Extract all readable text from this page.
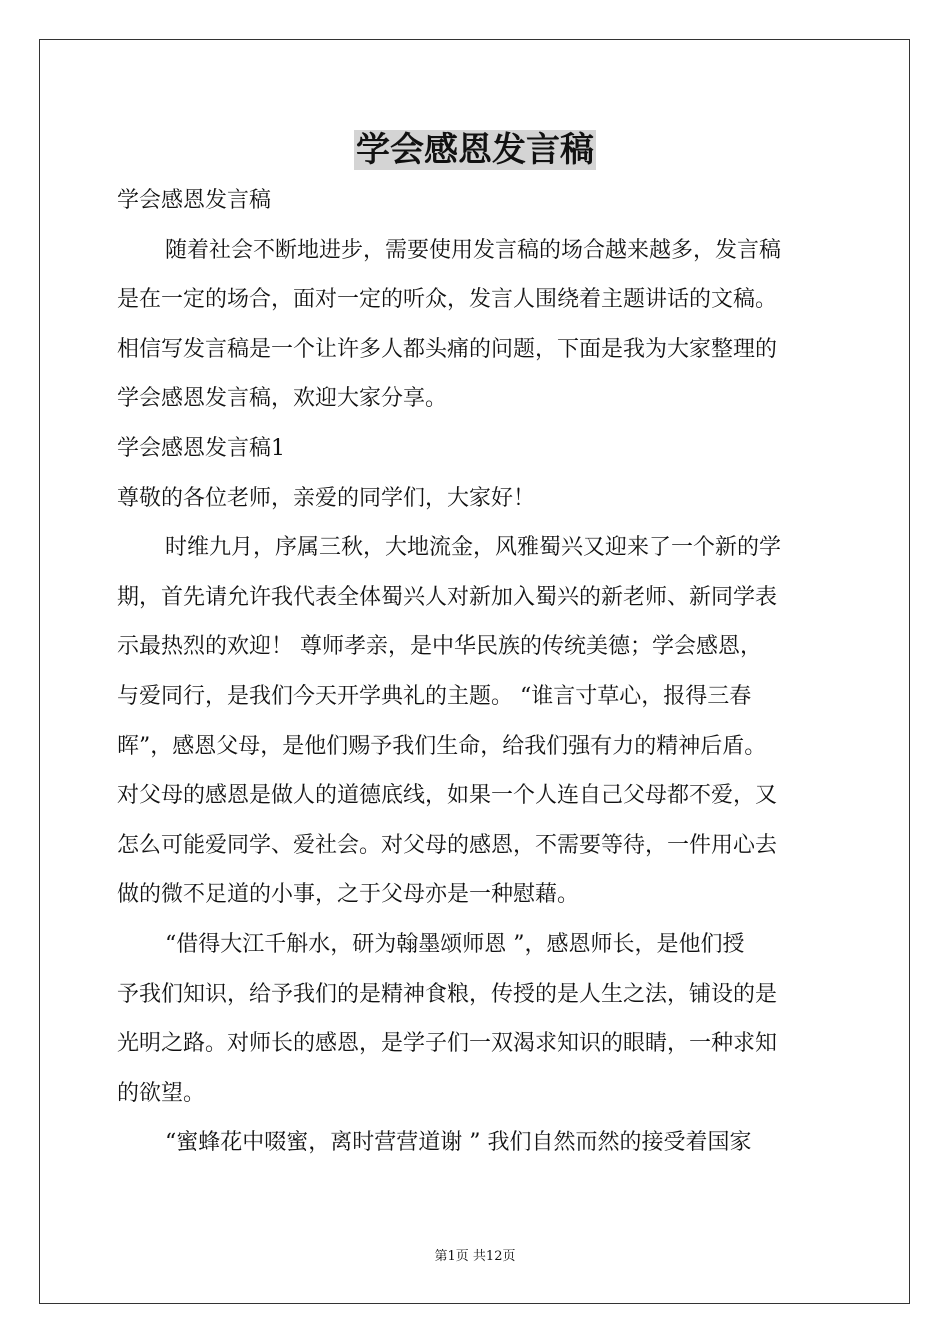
学会感恩发言稿
学会感恩发言稿
随着社会不断地进步，需要使用发言稿的场合越来越多，发言稿
是在一定的场合，面对一定的听众，发言人围绕着主题讲话的文稿。
相信写发言稿是一个让许多人都头痛的问题，下面是我为大家整理的
学会感恩发言稿，欢迎大家分享。
学会感恩发言稿1
尊敬的各位老师，亲爱的同学们，大家好！
时维九月，序属三秋，大地流金，风雅蜀兴又迎来了一个新的学
期，首先请允许我代表全体蜀兴人对新加入蜀兴的新老师、新同学表
示最热烈的欢迎！ 尊师孝亲，是中华民族的传统美德；学会感恩，
与爱同行，是我们今天开学典礼的主题。 “谁言寸草心，报得三春
晖”，感恩父母，是他们赐予我们生命，给我们强有力的精神后盾。
对父母的感恩是做人的道德底线，如果一个人连自己父母都不爱，又
怎么可能爱同学、爱社会。对父母的感恩，不需要等待，一件用心去
做的微不足道的小事，之于父母亦是一种慰藉。
“借得大江千斛水，研为翰墨颂师恩 ”，感恩师长，是他们授
予我们知识，给予我们的是精神食粮，传授的是人生之法，铺设的是
光明之路。对师长的感恩，是学子们一双渴求知识的眼睛，一种求知
的欲望。
“蜜蜂花中啜蜜，离时营营道谢 ” 我们自然而然的接受着国家
第1页 共12页
